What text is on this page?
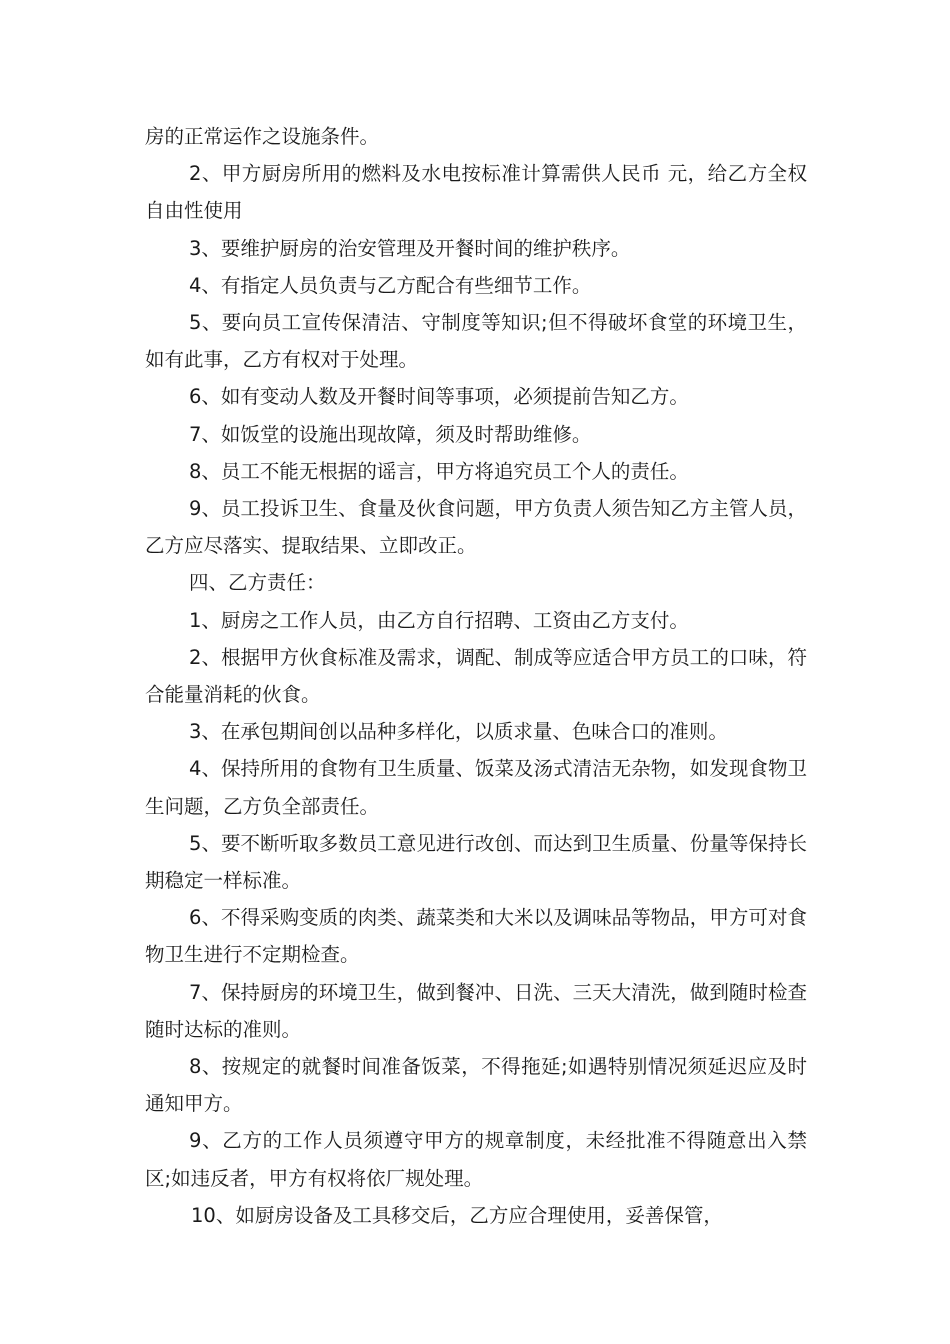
房的正常运作之设施条件。

2、甲方厨房所用的燃料及水电按标准计算需供人民币 元，给乙方全权自由性使用

3、要维护厨房的治安管理及开餐时间的维护秩序。

4、有指定人员负责与乙方配合有些细节工作。

5、要向员工宣传保清洁、守制度等知识;但不得破坏食堂的环境卫生，如有此事，乙方有权对于处理。

6、如有变动人数及开餐时间等事项，必须提前告知乙方。

7、如饭堂的设施出现故障，须及时帮助维修。

8、员工不能无根据的谣言，甲方将追究员工个人的责任。

9、员工投诉卫生、食量及伙食问题，甲方负责人须告知乙方主管人员，乙方应尽落实、提取结果、立即改正。

四、乙方责任：

1、厨房之工作人员，由乙方自行招聘、工资由乙方支付。

2、根据甲方伙食标准及需求，调配、制成等应适合甲方员工的口味，符合能量消耗的伙食。

3、在承包期间创以品种多样化，以质求量、色味合口的准则。

4、保持所用的食物有卫生质量、饭菜及汤式清洁无杂物，如发现食物卫生问题，乙方负全部责任。

5、要不断听取多数员工意见进行改创、而达到卫生质量、份量等保持长期稳定一样标准。

6、不得采购变质的肉类、蔬菜类和大米以及调味品等物品，甲方可对食物卫生进行不定期检查。

7、保持厨房的环境卫生，做到餐冲、日洗、三天大清洗，做到随时检查随时达标的准则。

8、按规定的就餐时间准备饭菜，不得拖延;如遇特别情况须延迟应及时通知甲方。

9、乙方的工作人员须遵守甲方的规章制度，未经批准不得随意出入禁区;如违反者，甲方有权将依厂规处理。

10、如厨房设备及工具移交后，乙方应合理使用，妥善保管，
